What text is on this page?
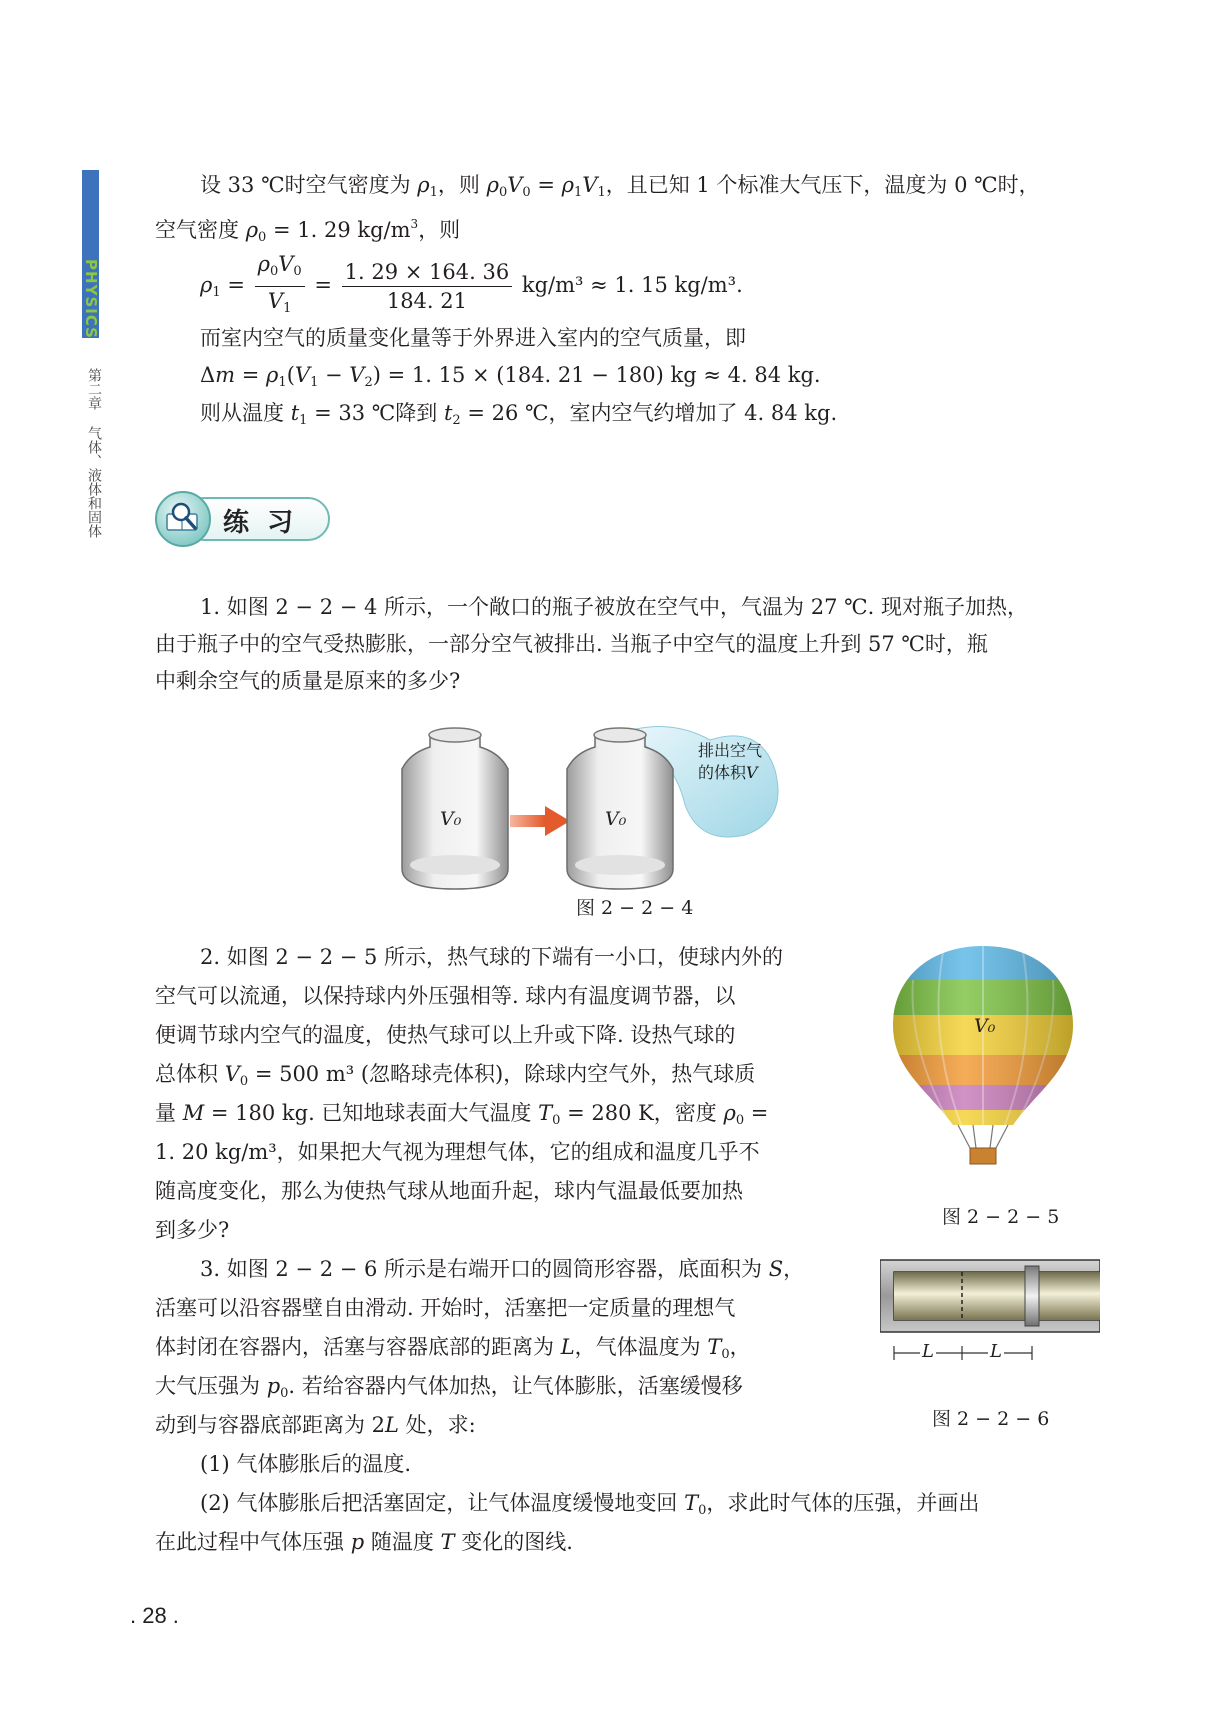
PHYSICS
第二章 气体、液体和固体
设 33 ℃时空气密度为 $\rho_1$，则 $\rho_0V_0 = \rho_1V_1$，且已知 1 个标准大气压下，温度为 0 ℃时，
空气密度 $\rho_0 = 1$. 29 $kg/m^3$，则
$\rho_1 = \frac{\rho_0V_0}{V_1} = \frac{1. 29 \times 164. 36}{184. 21} kg/m^3 \approx 1$. 15 kg/m³.
而室内空气的质量变化量等于外界进入室内的空气质量，即
$\Delta m = \rho_1(V_1 - V_2) = 1$. 15 × (184. 21 − 180) kg ≈ 4. 84 kg.
则从温度 $t_1 = 33$ ℃降到 $t_2 = 26$ ℃，室内空气约增加了 4. 84 kg.
练  习
1. 如图 2 − 2 − 4 所示，一个敞口的瓶子被放在空气中，气温为 27 ℃. 现对瓶子加热，
由于瓶子中的空气受热膨胀，一部分空气被排出. 当瓶子中空气的温度上升到 57 ℃时，瓶
中剩余空气的质量是原来的多少?
V₀	V₀
排出空气
的体积V
图 2 − 2 − 4
2. 如图 2 − 2 − 5 所示，热气球的下端有一小口，使球内外的
空气可以流通，以保持球内外压强相等. 球内有温度调节器，以
便调节球内空气的温度，使热气球可以上升或下降. 设热气球的
总体积 $V_0 = 500$ m³ (忽略球壳体积)，除球内空气外，热气球质
量 M = 180 kg. 已知地球表面大气温度 $T_0 = 280$ K，密度 $\rho_0$ =
1. 20 kg/m³，如果把大气视为理想气体，它的组成和温度几乎不
随高度变化，那么为使热气球从地面升起，球内气温最低要加热
到多少?
V₀
图 2 − 2 − 5
3. 如图 2 − 2 − 6 所示是右端开口的圆筒形容器，底面积为 S，
活塞可以沿容器壁自由滑动. 开始时，活塞把一定质量的理想气
体封闭在容器内，活塞与容器底部的距离为 L，气体温度为 $T_0$，
大气压强为 $p_0$. 若给容器内气体加热，让气体膨胀，活塞缓慢移
动到与容器底部距离为 2L 处，求:
(1) 气体膨胀后的温度.
(2) 气体膨胀后把活塞固定，让气体温度缓慢地变回 $T_0$，求此时气体的压强，并画出
在此过程中气体压强 p 随温度 T 变化的图线.
L	L
图 2 − 2 − 6
. 28 .
